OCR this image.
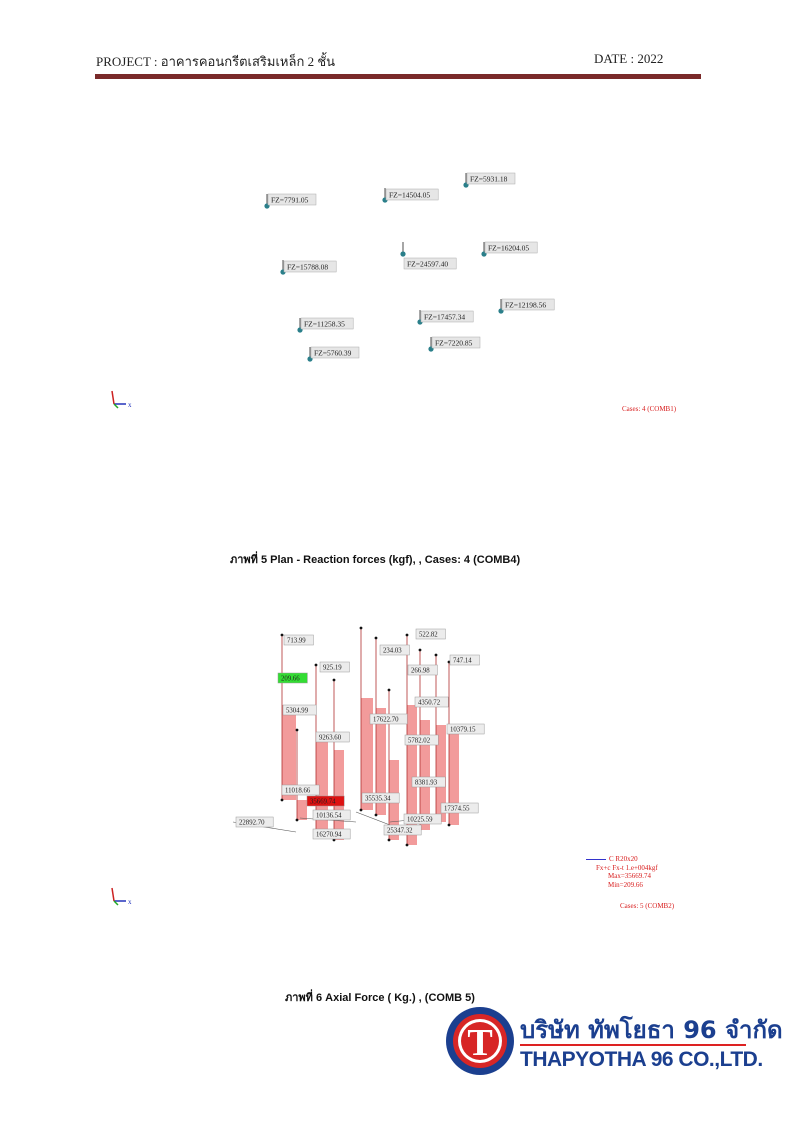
PROJECT : อาคารคอนกรีตเสริมเหล็ก 2 ชั้น	DATE : 2022
FZ=7791.05
FZ=14504.05
FZ=5931.18
FZ=15788.08	FZ=24597.40
FZ=16204.05
FZ=11258.35
FZ=17457.34
FZ=12198.56
FZ=5760.39
FZ=7220.85
x	Cases: 4 (COMB1)
ภาพที่ 5 Plan - Reaction forces (kgf), , Cases: 4 (COMB4)
713.99
925.19
209.66
5304.99
9263.60
11018.66
35669.74
10136.54
16270.94
22892.70
522.82
234.03
747.14
266.98
4350.72
17622.70
10379.15
5782.02
8381.93
35535.34
10225.59
17374.55
25347.32
x
C R20x20
Fx+c Fx-t 1.e+004kgf
Max=35669.74
Min=209.66
Cases: 5 (COMB2)
ภาพที่ 6 Axial Force ( Kg.) , (COMB 5)
T บริษัท ทัพโยธา 96 จำกัด
THAPYOTHA 96 CO.,LTD.
